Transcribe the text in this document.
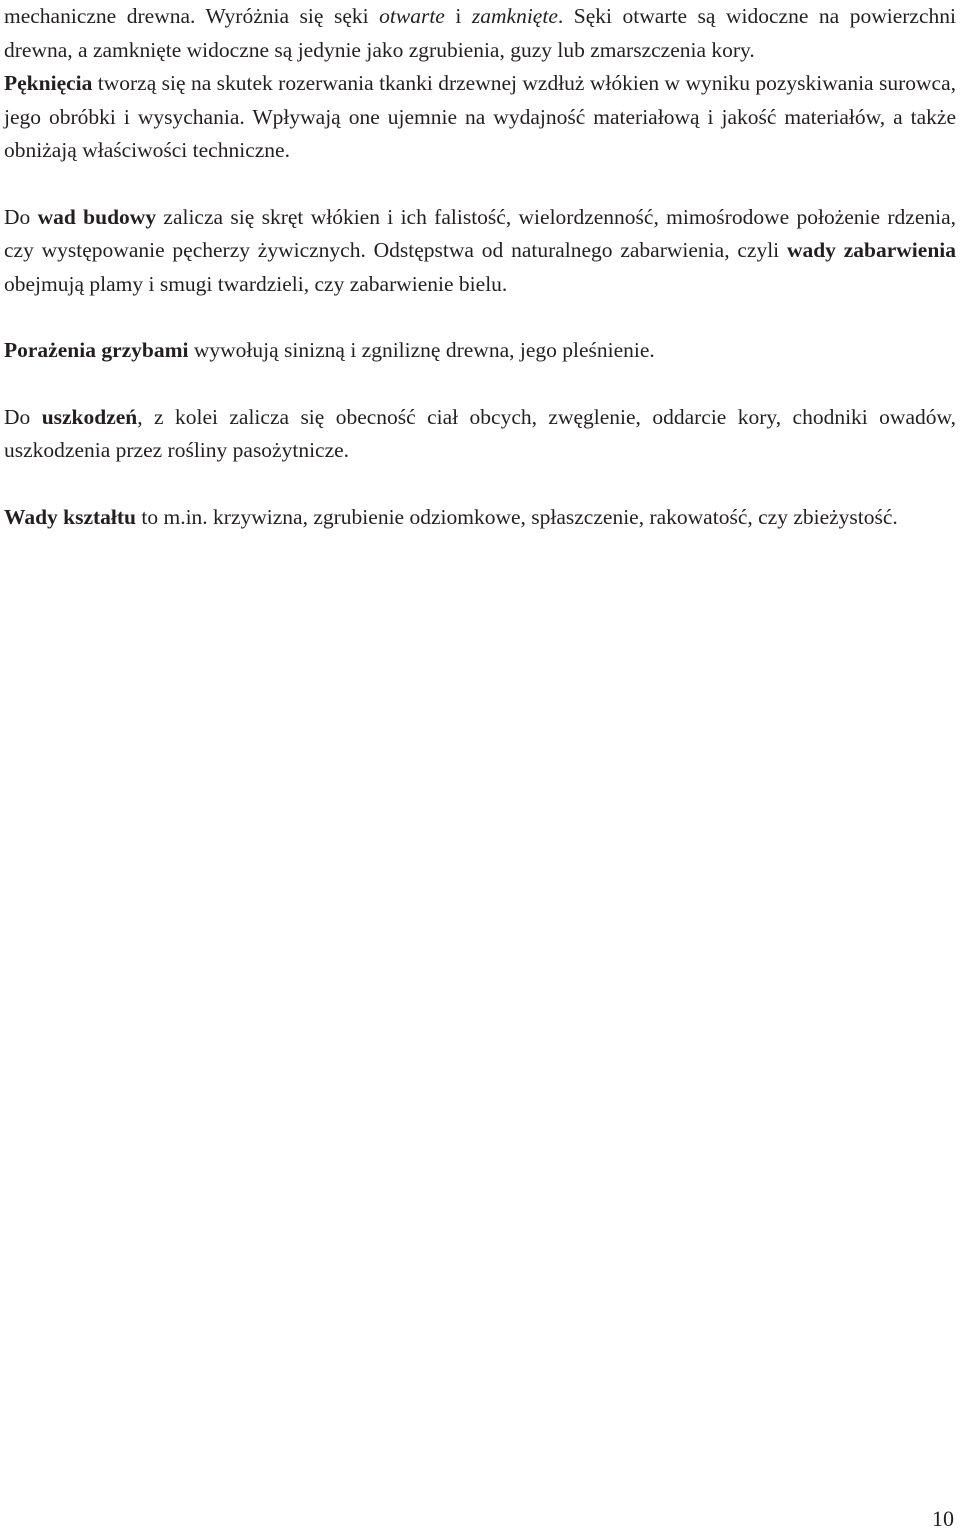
mechaniczne drewna. Wyróżnia się sęki otwarte i zamknięte. Sęki otwarte są widoczne na powierzchni drewna, a zamknięte widoczne są jedynie jako zgrubienia, guzy lub zmarszczenia kory.

Pęknięcia tworzą się na skutek rozerwania tkanki drzewnej wzdłuż włókien w wyniku pozyskiwania surowca, jego obróbki i wysychania. Wpływają one ujemnie na wydajność materiałową i jakość materiałów, a także obniżają właściwości techniczne.

Do wad budowy zalicza się skręt włókien i ich falistość, wielordzenność, mimośrodowe położenie rdzenia, czy występowanie pęcherzy żywicznych. Odstępstwa od naturalnego zabarwienia, czyli wady zabarwienia obejmują plamy i smugi twardzieli, czy zabarwienie bielu.

Porażenia grzybami wywołują sinizną i zgniliznę drewna, jego pleśnienie.

Do uszkodzeń, z kolei zalicza się obecność ciał obcych, zwęglenie, oddarcie kory, chodniki owadów, uszkodzenia przez rośliny pasożytnicze.

Wady kształtu to m.in. krzywizna, zgrubienie odziomkowe, spłaszczenie, rakowatość, czy zbieżystość.

10
